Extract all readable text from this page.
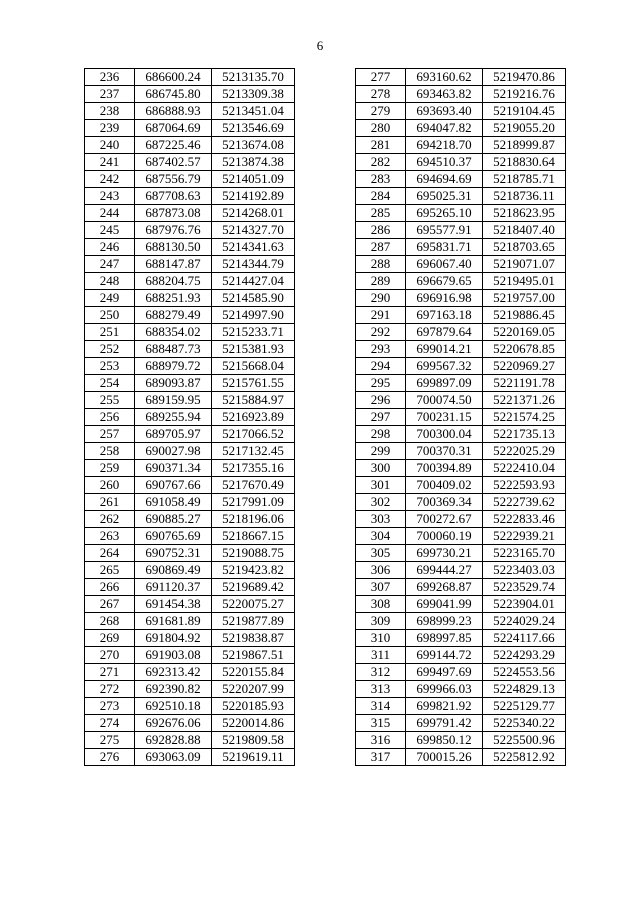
6
236	686600.24	5213135.70
237	686745.80	5213309.38
238	686888.93	5213451.04
239	687064.69	5213546.69
240	687225.46	5213674.08
241	687402.57	5213874.38
242	687556.79	5214051.09
243	687708.63	5214192.89
244	687873.08	5214268.01
245	687976.76	5214327.70
246	688130.50	5214341.63
247	688147.87	5214344.79
248	688204.75	5214427.04
249	688251.93	5214585.90
250	688279.49	5214997.90
251	688354.02	5215233.71
252	688487.73	5215381.93
253	688979.72	5215668.04
254	689093.87	5215761.55
255	689159.95	5215884.97
256	689255.94	5216923.89
257	689705.97	5217066.52
258	690027.98	5217132.45
259	690371.34	5217355.16
260	690767.66	5217670.49
261	691058.49	5217991.09
262	690885.27	5218196.06
263	690765.69	5218667.15
264	690752.31	5219088.75
265	690869.49	5219423.82
266	691120.37	5219689.42
267	691454.38	5220075.27
268	691681.89	5219877.89
269	691804.92	5219838.87
270	691903.08	5219867.51
271	692313.42	5220155.84
272	692390.82	5220207.99
273	692510.18	5220185.93
274	692676.06	5220014.86
275	692828.88	5219809.58
276	693063.09	5219619.11
277	693160.62	5219470.86
278	693463.82	5219216.76
279	693693.40	5219104.45
280	694047.82	5219055.20
281	694218.70	5218999.87
282	694510.37	5218830.64
283	694694.69	5218785.71
284	695025.31	5218736.11
285	695265.10	5218623.95
286	695577.91	5218407.40
287	695831.71	5218703.65
288	696067.40	5219071.07
289	696679.65	5219495.01
290	696916.98	5219757.00
291	697163.18	5219886.45
292	697879.64	5220169.05
293	699014.21	5220678.85
294	699567.32	5220969.27
295	699897.09	5221191.78
296	700074.50	5221371.26
297	700231.15	5221574.25
298	700300.04	5221735.13
299	700370.31	5222025.29
300	700394.89	5222410.04
301	700409.02	5222593.93
302	700369.34	5222739.62
303	700272.67	5222833.46
304	700060.19	5222939.21
305	699730.21	5223165.70
306	699444.27	5223403.03
307	699268.87	5223529.74
308	699041.99	5223904.01
309	698999.23	5224029.24
310	698997.85	5224117.66
311	699144.72	5224293.29
312	699497.69	5224553.56
313	699966.03	5224829.13
314	699821.92	5225129.77
315	699791.42	5225340.22
316	699850.12	5225500.96
317	700015.26	5225812.92
